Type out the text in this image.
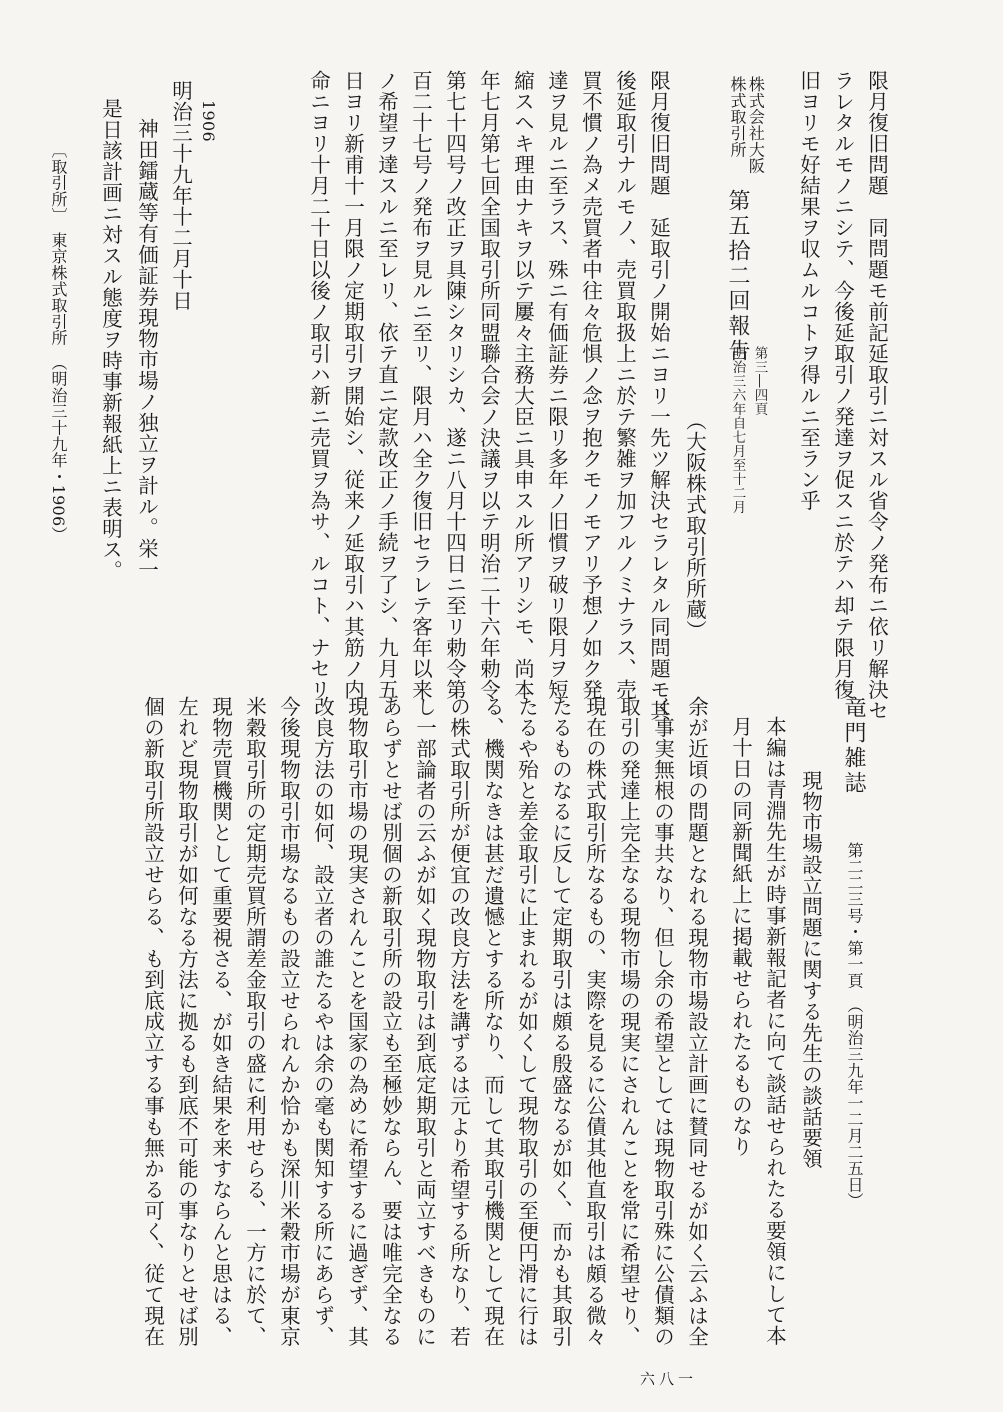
限月復旧問題　同問題モ前記延取引ニ対スル省令ノ発布ニ依リ解決セ
ラレタルモノニシテ、今後延取引ノ発達ヲ促スニ於テハ却テ限月復
旧ヨリモ好結果ヲ収ムルコトヲ得ルニ至ラン乎
株式会社大阪
株式取引所 第五拾二回報告
第三―四頁
明治三六年自七月至十二月
（大阪株式取引所所蔵）
限月復旧問題　延取引ノ開始ニヨリ一先ツ解決セラレタル同問題モ其
後延取引ナルモノ、売買取扱上ニ於テ繁雑ヲ加フルノミナラス、売
買不慣ノ為メ売買者中往々危惧ノ念ヲ抱クモノモアリ予想ノ如ク発
達ヲ見ルニ至ラス、殊ニ有価証券ニ限リ多年ノ旧慣ヲ破リ限月ヲ短
縮スヘキ理由ナキヲ以テ屢々主務大臣ニ具申スル所アリシモ、尚本
年七月第七回全国取引所同盟聯合会ノ決議ヲ以テ明治二十六年勅令
第七十四号ノ改正ヲ具陳シタリシカ、遂ニ八月十四日ニ至リ勅令第
百二十七号ノ発布ヲ見ルニ至リ、限月ハ全ク復旧セラレテ客年以来
ノ希望ヲ達スルニ至レリ、依テ直ニ定款改正ノ手続ヲ了シ、九月五
日ヨリ新甫十一月限ノ定期取引ヲ開始シ、従来ノ延取引ハ其筋ノ内
命ニヨリ十月二十日以後ノ取引ハ新ニ売買ヲ為サ、ルコト、ナセリ
1906
明治三十九年十二月十日
神田鐳蔵等有価証券現物市場ノ独立ヲ計ル。栄一
是日該計画ニ対スル態度ヲ時事新報紙上ニ表明ス。
〔取引所〕　東京株式取引所　（明治三十九年・1906）
竜門雑誌
第二二三号・第一頁　（明治三九年一二月二五日）
現物市場設立問題に関する先生の談話要領
本編は青淵先生が時事新報記者に向て談話せられたる要領にして本
月十日の同新聞紙上に掲載せられたるものなり
余が近頃の問題となれる現物市場設立計画に賛同せるが如く云ふは全
く事実無根の事共なり、但し余の希望としては現物取引殊に公債類の
取引の発達上完全なる現物市場の現実にされんことを常に希望せり、
現在の株式取引所なるもの、実際を見るに公債其他直取引は頗る微々
たるものなるに反して定期取引は頗る殷盛なるが如く、而かも其取引
たるや殆と差金取引に止まれるが如くして現物取引の至便円滑に行は
る、機関なきは甚だ遺憾とする所なり、而して其取引機関として現在
の株式取引所が便宜の改良方法を講ずるは元より希望する所なり、若
し一部論者の云ふが如く現物取引は到底定期取引と両立すべきものに
あらずとせば別個の新取引所の設立も至極妙ならん、要は唯完全なる
現物取引市場の現実されんことを国家の為めに希望するに過ぎず、其
改良方法の如何、設立者の誰たるやは余の毫も関知する所にあらず、
今後現物取引市場なるもの設立せられんか恰かも深川米穀市場が東京
米穀取引所の定期売買所謂差金取引の盛に利用せらる、一方に於て、
現物売買機関として重要視さる、が如き結果を来すならんと思はる、
左れど現物取引が如何なる方法に拠るも到底不可能の事なりとせば別
個の新取引所設立せらる、も到底成立する事も無かる可く、従て現在
六八一
